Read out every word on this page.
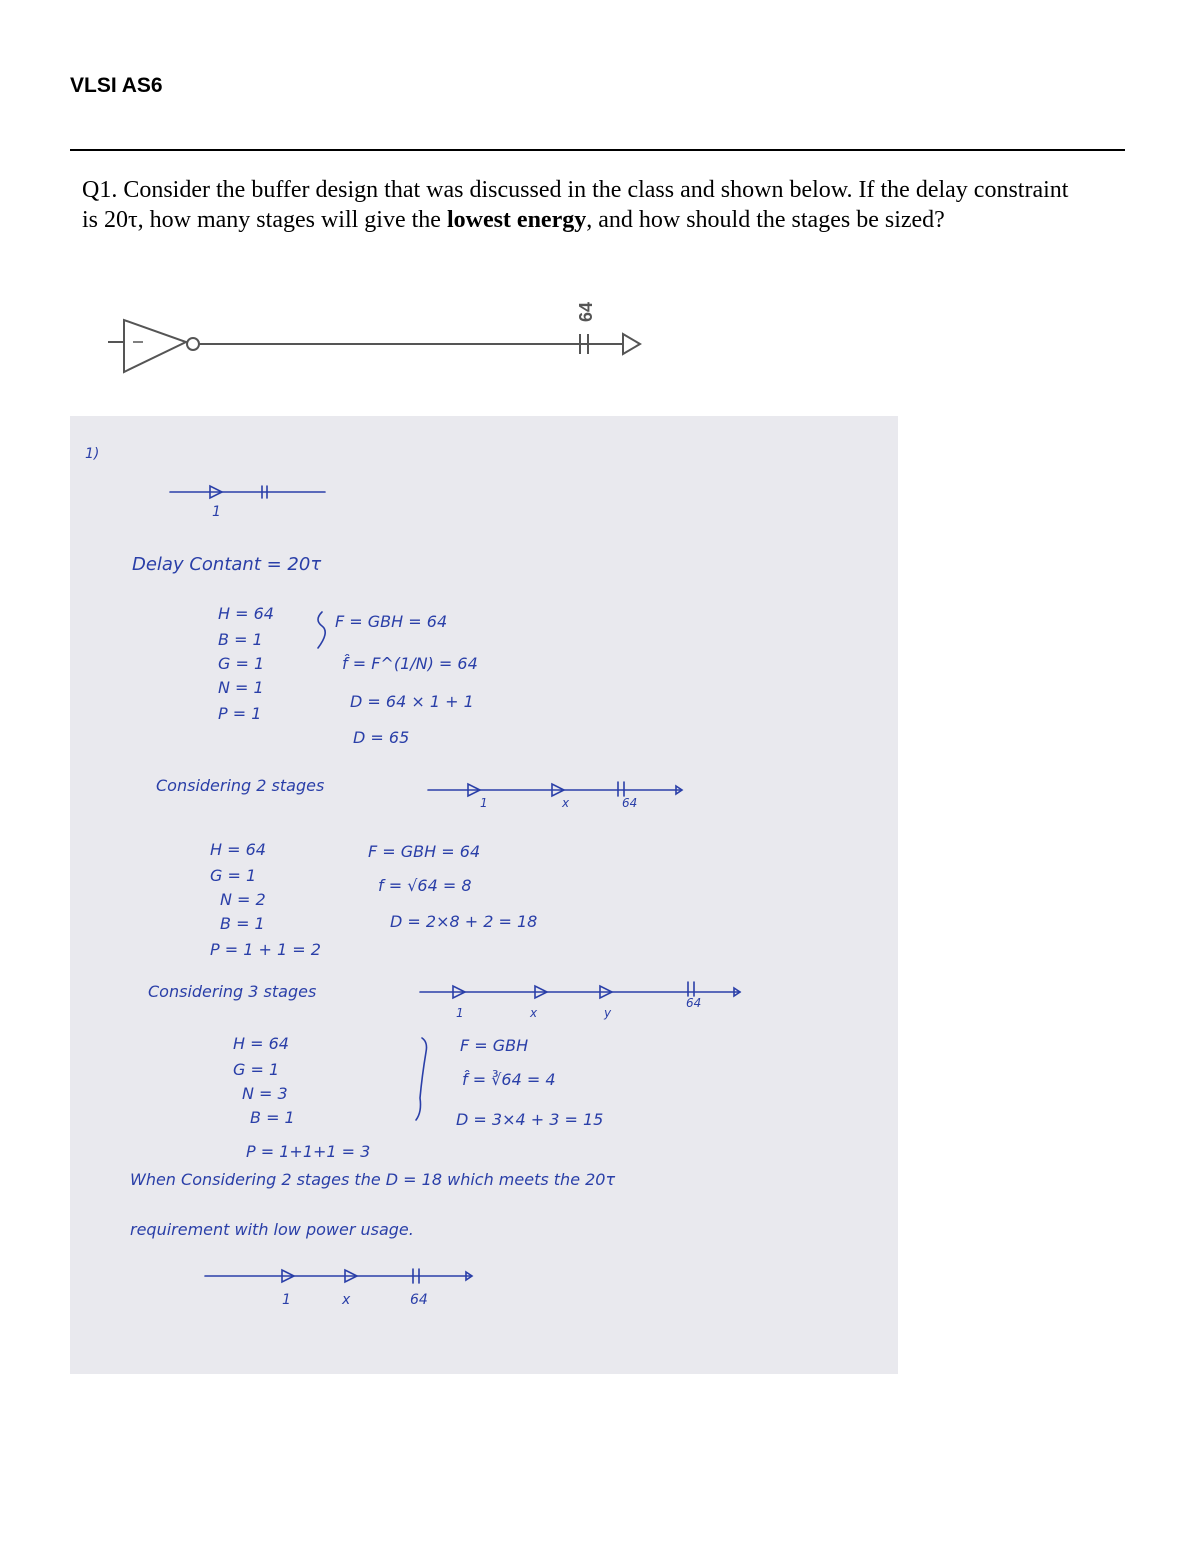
VLSI AS6
Q1. Consider the buffer design that was discussed in the class and shown below. If the delay constraint is 20τ, how many stages will give the lowest energy, and how should the stages be sized?
64
1)
1
Delay Contant = 20τ
H = 64
B = 1
G = 1
N = 1
P = 1
F = GBH = 64
f̂ = F^(1/N) = 64
D = 64 × 1 + 1
D = 65
Considering 2 stages
1	x	64
H = 64
G = 1
N = 2
B = 1
P = 1 + 1 = 2
F = GBH = 64
f = √64 = 8
D = 2×8 + 2 = 18
Considering 3 stages
1	x	y
64
H = 64
G = 1
N = 3
B = 1
P = 1+1+1 = 3
F = GBH
f̂ = ∛64 = 4
D = 3×4 + 3 = 15
When Considering 2 stages the D = 18 which meets the 20τ
requirement with low power usage.
1	x	64
